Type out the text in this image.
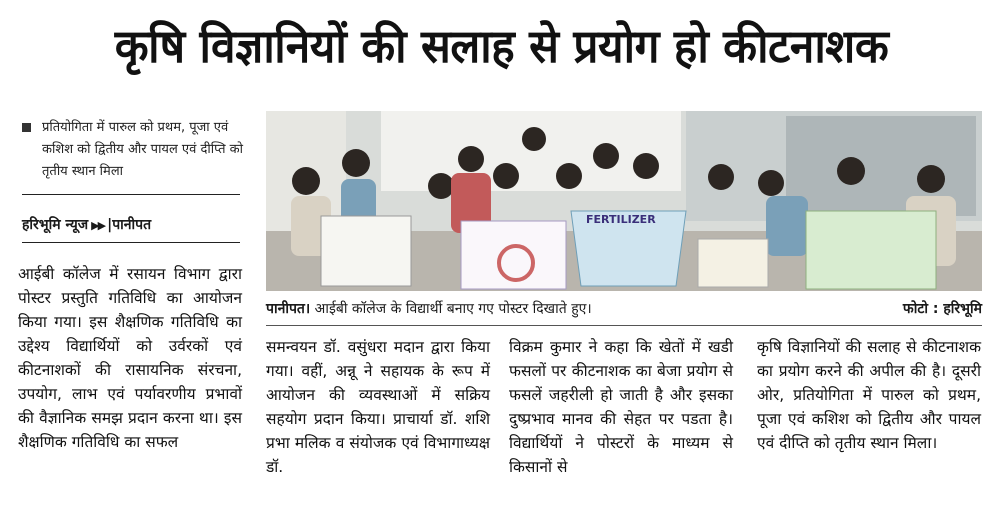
कृषि विज्ञानियों की सलाह से प्रयोग हो कीटनाशक
प्रतियोगिता में पारुल को प्रथम, पूजा एवं कशिश को द्वितीय और पायल एवं दीप्ति को तृतीय स्थान मिला
हरिभूमि न्यूज ▶▶ |पानीपत	FERTILIZER
पानीपत। आईबी कॉलेज के विद्यार्थी बनाए गए पोस्टर दिखाते हुए।	फोटो : हरिभूमि
आईबी कॉलेज में रसायन विभाग द्वारा पोस्टर प्रस्तुति गतिविधि का आयोजन किया गया। इस शैक्षणिक गतिविधि का उद्देश्य विद्यार्थियों को उर्वरकों एवं कीटनाशकों की रासायनिक संरचना, उपयोग, लाभ एवं पर्यावरणीय प्रभावों की वैज्ञानिक समझ प्रदान करना था। इस शैक्षणिक गतिविधि का सफल
समन्वयन डॉ. वसुंधरा मदान द्वारा किया गया। वहीं, अन्नू ने सहायक के रूप में आयोजन की व्यवस्थाओं में सक्रिय सहयोग प्रदान किया। प्राचार्या डॉ. शशि प्रभा मलिक व संयोजक एवं विभागाध्यक्ष डॉ.
विक्रम कुमार ने कहा कि खेतों में खडी फसलों पर कीटनाशक का बेजा प्रयोग से फसलें जहरीली हो जाती है और इसका दुष्प्रभाव मानव की सेहत पर पडता है। विद्यार्थियों ने पोस्टरों के माध्यम से किसानों से
कृषि विज्ञानियों की सलाह से कीटनाशक का प्रयोग करने की अपील की है। दूसरी ओर, प्रतियोगिता में पारुल को प्रथम, पूजा एवं कशिश को द्वितीय और पायल एवं दीप्ति को तृतीय स्थान मिला।
